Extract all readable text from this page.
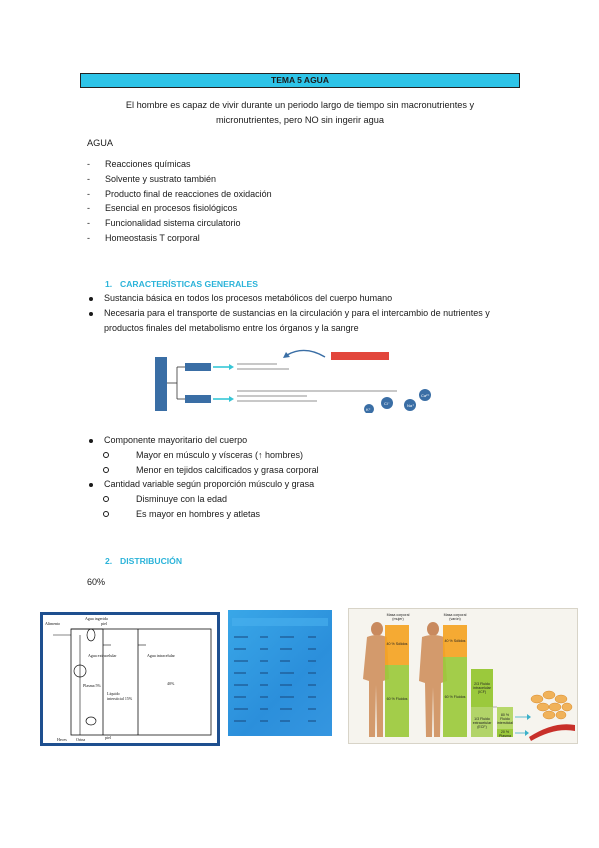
TEMA 5 AGUA
El hombre es capaz de vivir durante un periodo largo de tiempo sin macronutrientes y micronutrientes, pero NO sin ingerir agua
AGUA
- Reacciones químicas
- Solvente y sustrato también
- Producto final de reacciones de oxidación
- Esencial en procesos fisiológicos
- Funcionalidad sistema circulatorio
- Homeostasis T corporal
1. CARACTERÍSTICAS GENERALES
Sustancia básica en todos los procesos metabólicos del cuerpo humano
Necesaria para el transporte de sustancias en la circulación y para el intercambio de nutrientes y productos finales del metabolismo entre los órganos y la sangre
Ca²⁺
Na⁺
Cl⁻
K⁺
Componente mayoritario del cuerpo
Mayor en músculo y vísceras (↑ hombres)
Menor en tejidos calcificados y grasa corporal
Cantidad variable según proporción músculo y grasa
Disminuye con la edad
Es mayor en hombres y atletas
2. DISTRIBUCIÓN
60%
Alimento
Agua ingerida
piel
Agua extracelular	Agua intracelular
Plasma 5%
Líquido intersticial 15%
40%
Heces Orina	piel
Masa corporal (mujer)
Masa corporal (varón)
40 % Sólidos
40 % Sólidos
60 % Fluidos	60 % Fluidos
2/3 Fluido intracelular (ICF)
1/3 Fluido extracelular (ECF)
80 % Fluido intersticial
20 % Plasma
